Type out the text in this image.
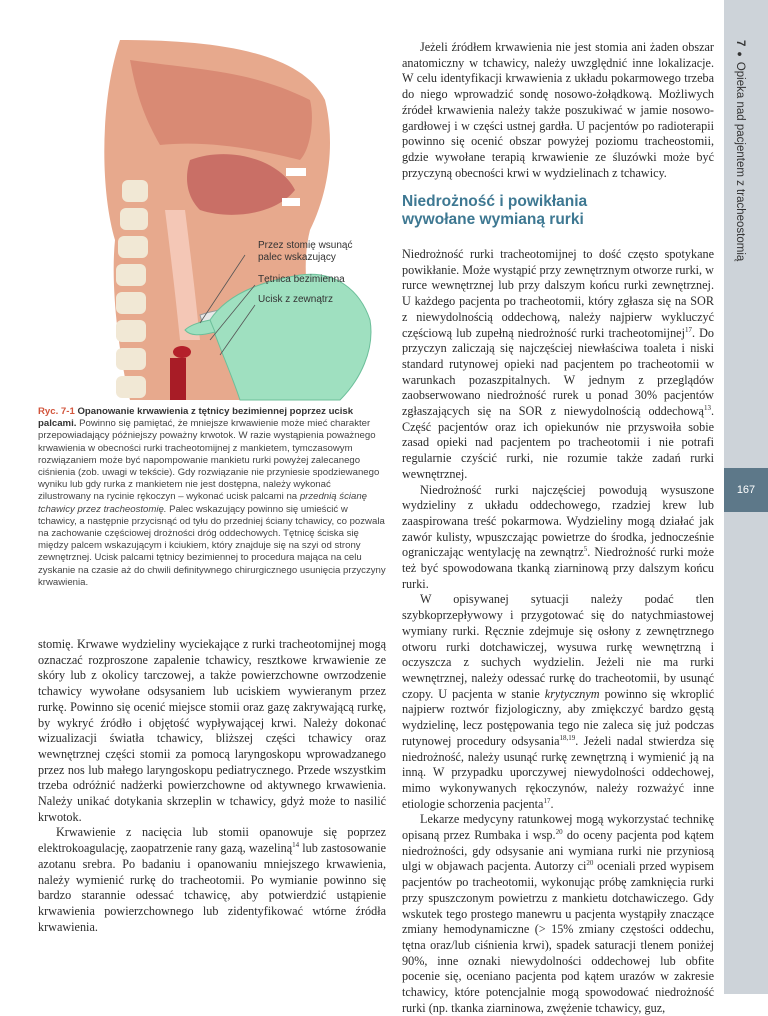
7●Opieka nad pacjentem z tracheostomią
167
Przez stomię wsunąć palec wskazujący
Tętnica bezimienna
Ucisk z zewnątrz
Ryc. 7-1 Opanowanie krwawienia z tętnicy bezimiennej poprzez ucisk palcami. Powinno się pamiętać, że mniejsze krwawienie może mieć charakter przepowiadający późniejszy poważny krwotok. W razie wystąpienia poważnego krwawienia w obecności rurki tracheotomijnej z mankietem, tymczasowym rozwiązaniem może być napompowanie mankietu rurki powyżej zalecanego ciśnienia (zob. uwagi w tekście). Gdy rozwiązanie nie przyniesie spodziewanego wyniku lub gdy rurka z mankietem nie jest dostępna, należy wykonać zilustrowany na rycinie rękoczyn – wykonać ucisk palcami na przednią ścianę tchawicy przez tracheostomię. Palec wskazujący powinno się umieścić w tchawicy, a następnie przycisnąć od tyłu do przedniej ściany tchawicy, co pozwala na zachowanie częściowej drożności dróg oddechowych. Tętnicę ściska się między palcem wskazującym i kciukiem, który znajduje się na szyi od strony zewnętrznej. Ucisk palcami tętnicy bezimiennej to procedura mająca na celu zyskanie na czasie aż do chwili definitywnego chirurgicznego usunięcia przyczyny krwawienia.

stomię. Krwawe wydzieliny wyciekające z rurki tracheotomijnej mogą oznaczać rozproszone zapalenie tchawicy, resztkowe krwawienie ze skóry lub z okolicy tarczowej, a także powierzchowne owrzodzenie tchawicy wywołane odsysaniem lub uciskiem wywieranym przez rurkę. Powinno się ocenić miejsce stomii oraz gazę zakrywającą rurkę, by wykryć źródło i objętość wypływającej krwi. Należy dokonać wizualizacji światła tchawicy, bliższej części tchawicy oraz wewnętrznej części stomii za pomocą laryngoskopu wprowadzanego przez nos lub małego laryngoskopu pediatrycznego. Przede wszystkim trzeba odróżnić nadżerki powierzchowne od aktywnego krwawienia. Należy unikać dotykania skrzeplin w tchawicy, gdyż może to nasilić krwotok.

Krwawienie z nacięcia lub stomii opanowuje się poprzez elektrokoagulację, zaopatrzenie rany gazą, wazeliną$^{14}$ lub zastosowanie azotanu srebra. Po badaniu i opanowaniu mniejszego krwawienia, należy wymienić rurkę do tracheotomii. Po wymianie powinno się bardzo starannie odessać tchawicę, aby potwierdzić ustąpienie krwawienia powierzchownego lub zidentyfikować wtórne źródła krwawienia.

Jeżeli źródłem krwawienia nie jest stomia ani żaden obszar anatomiczny w tchawicy, należy uwzględnić inne lokalizacje. W celu identyfikacji krwawienia z układu pokarmowego trzeba do niego wprowadzić sondę nosowo-żołądkową. Możliwych źródeł krwawienia należy także poszukiwać w jamie nosowo-gardłowej i w części ustnej gardła. U pacjentów po radioterapii powinno się ocenić obszar powyżej poziomu tracheostomii, gdzie wywołane terapią krwawienie ze śluzówki może być przyczyną obecności krwi w wydzielinach z tchawicy.

Niedrożność i powikłania
wywołane wymianą rurki

Niedrożność rurki tracheotomijnej to dość często spotykane powikłanie. Może wystąpić przy zewnętrznym otworze rurki, w rurce wewnętrznej lub przy dalszym końcu rurki zewnętrznej. U każdego pacjenta po tracheotomii, który zgłasza się na SOR z niewydolnością oddechową, należy najpierw wykluczyć częściową lub zupełną niedrożność rurki tracheotomijnej$^{17}$. Do przyczyn zaliczają się najczęściej niewłaściwa toaleta i niski standard rutynowej opieki nad pacjentem po tracheotomii w warunkach pozaszpitalnych. W jednym z przeglądów zaobserwowano niedrożność rurek u ponad 30% pacjentów zgłaszających się na SOR z niewydolnością oddechową$^{13}$. Część pacjentów oraz ich opiekunów nie przyswoiła sobie zasad opieki nad pacjentem po tracheotomii i nie potrafi regularnie czyścić rurki, nie rozumie także zadań rurki wewnętrznej.

Niedrożność rurki najczęściej powodują wysuszone wydzieliny z układu oddechowego, rzadziej krew lub zaaspirowana treść pokarmowa. Wydzieliny mogą działać jak zawór kulisty, wpuszczając powietrze do środka, jednocześnie ograniczając wentylację na zewnątrz$^5$. Niedrożność rurki może też być spowodowana tkanką ziarninową przy dalszym końcu rurki.

W opisywanej sytuacji należy podać tlen szybkoprzepływowy i przygotować się do natychmiastowej wymiany rurki. Ręcznie zdejmuje się osłony z zewnętrznego otworu rurki dotchawiczej, wysuwa rurkę wewnętrzną i oczyszcza z suchych wydzielin. Jeżeli nie ma rurki wewnętrznej, należy odessać rurkę do tracheotomii, by usunąć czopy. U pacjenta w stanie krytycznym powinno się wkroplić najpierw roztwór fizjologiczny, aby zmiękczyć bardzo gęstą wydzielinę, lecz postępowania tego nie zaleca się już podczas rutynowej procedury odsysania$^{18,19}$. Jeżeli nadal stwierdza się niedrożność, należy usunąć rurkę zewnętrzną i wymienić ją na inną. W przypadku uporczywej niewydolności oddechowej, mimo wykonywanych rękoczynów, należy rozważyć inne etiologie schorzenia pacjenta$^{17}$.

Lekarze medycyny ratunkowej mogą wykorzystać technikę opisaną przez Rumbaka i wsp.$^{20}$ do oceny pacjenta pod kątem niedrożności, gdy odsysanie ani wymiana rurki nie przyniosą ulgi w objawach pacjenta. Autorzy $ci^{20}$ oceniali przed wypisem pacjentów po tracheotomii, wykonując próbę zamknięcia rurki przy spuszczonym powietrzu z mankietu dotchawiczego. Gdy wskutek tego prostego manewru u pacjenta wystąpiły znaczące zmiany hemodynamiczne (> 15% zmiany częstości oddechu, tętna oraz/lub ciśnienia krwi), spadek saturacji tlenem poniżej 90%, inne oznaki niewydolności oddechowej lub obfite pocenie się, oceniano pacjenta pod kątem urazów w zakresie tchawicy, które potencjalnie mogą spowodować niedrożność rurki (np. tkanka ziarninowa, zwężenie tchawicy, guz,
